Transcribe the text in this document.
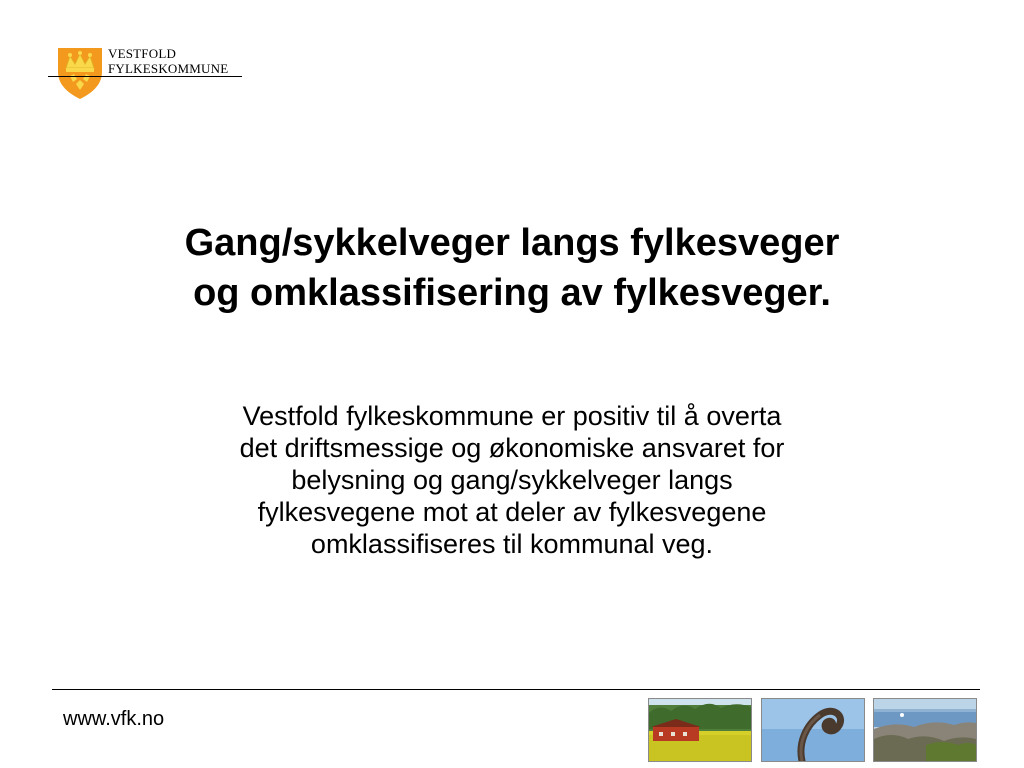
VESTFOLD
FYLKESKOMMUNE
Gang/sykkelveger langs fylkesveger
og omklassifisering av fylkesveger.
Vestfold fylkeskommune er positiv til å overta
det driftsmessige og økonomiske ansvaret for
belysning og gang/sykkelveger langs
fylkesvegene mot at deler av fylkesvegene
omklassifiseres til kommunal veg.
www.vfk.no
